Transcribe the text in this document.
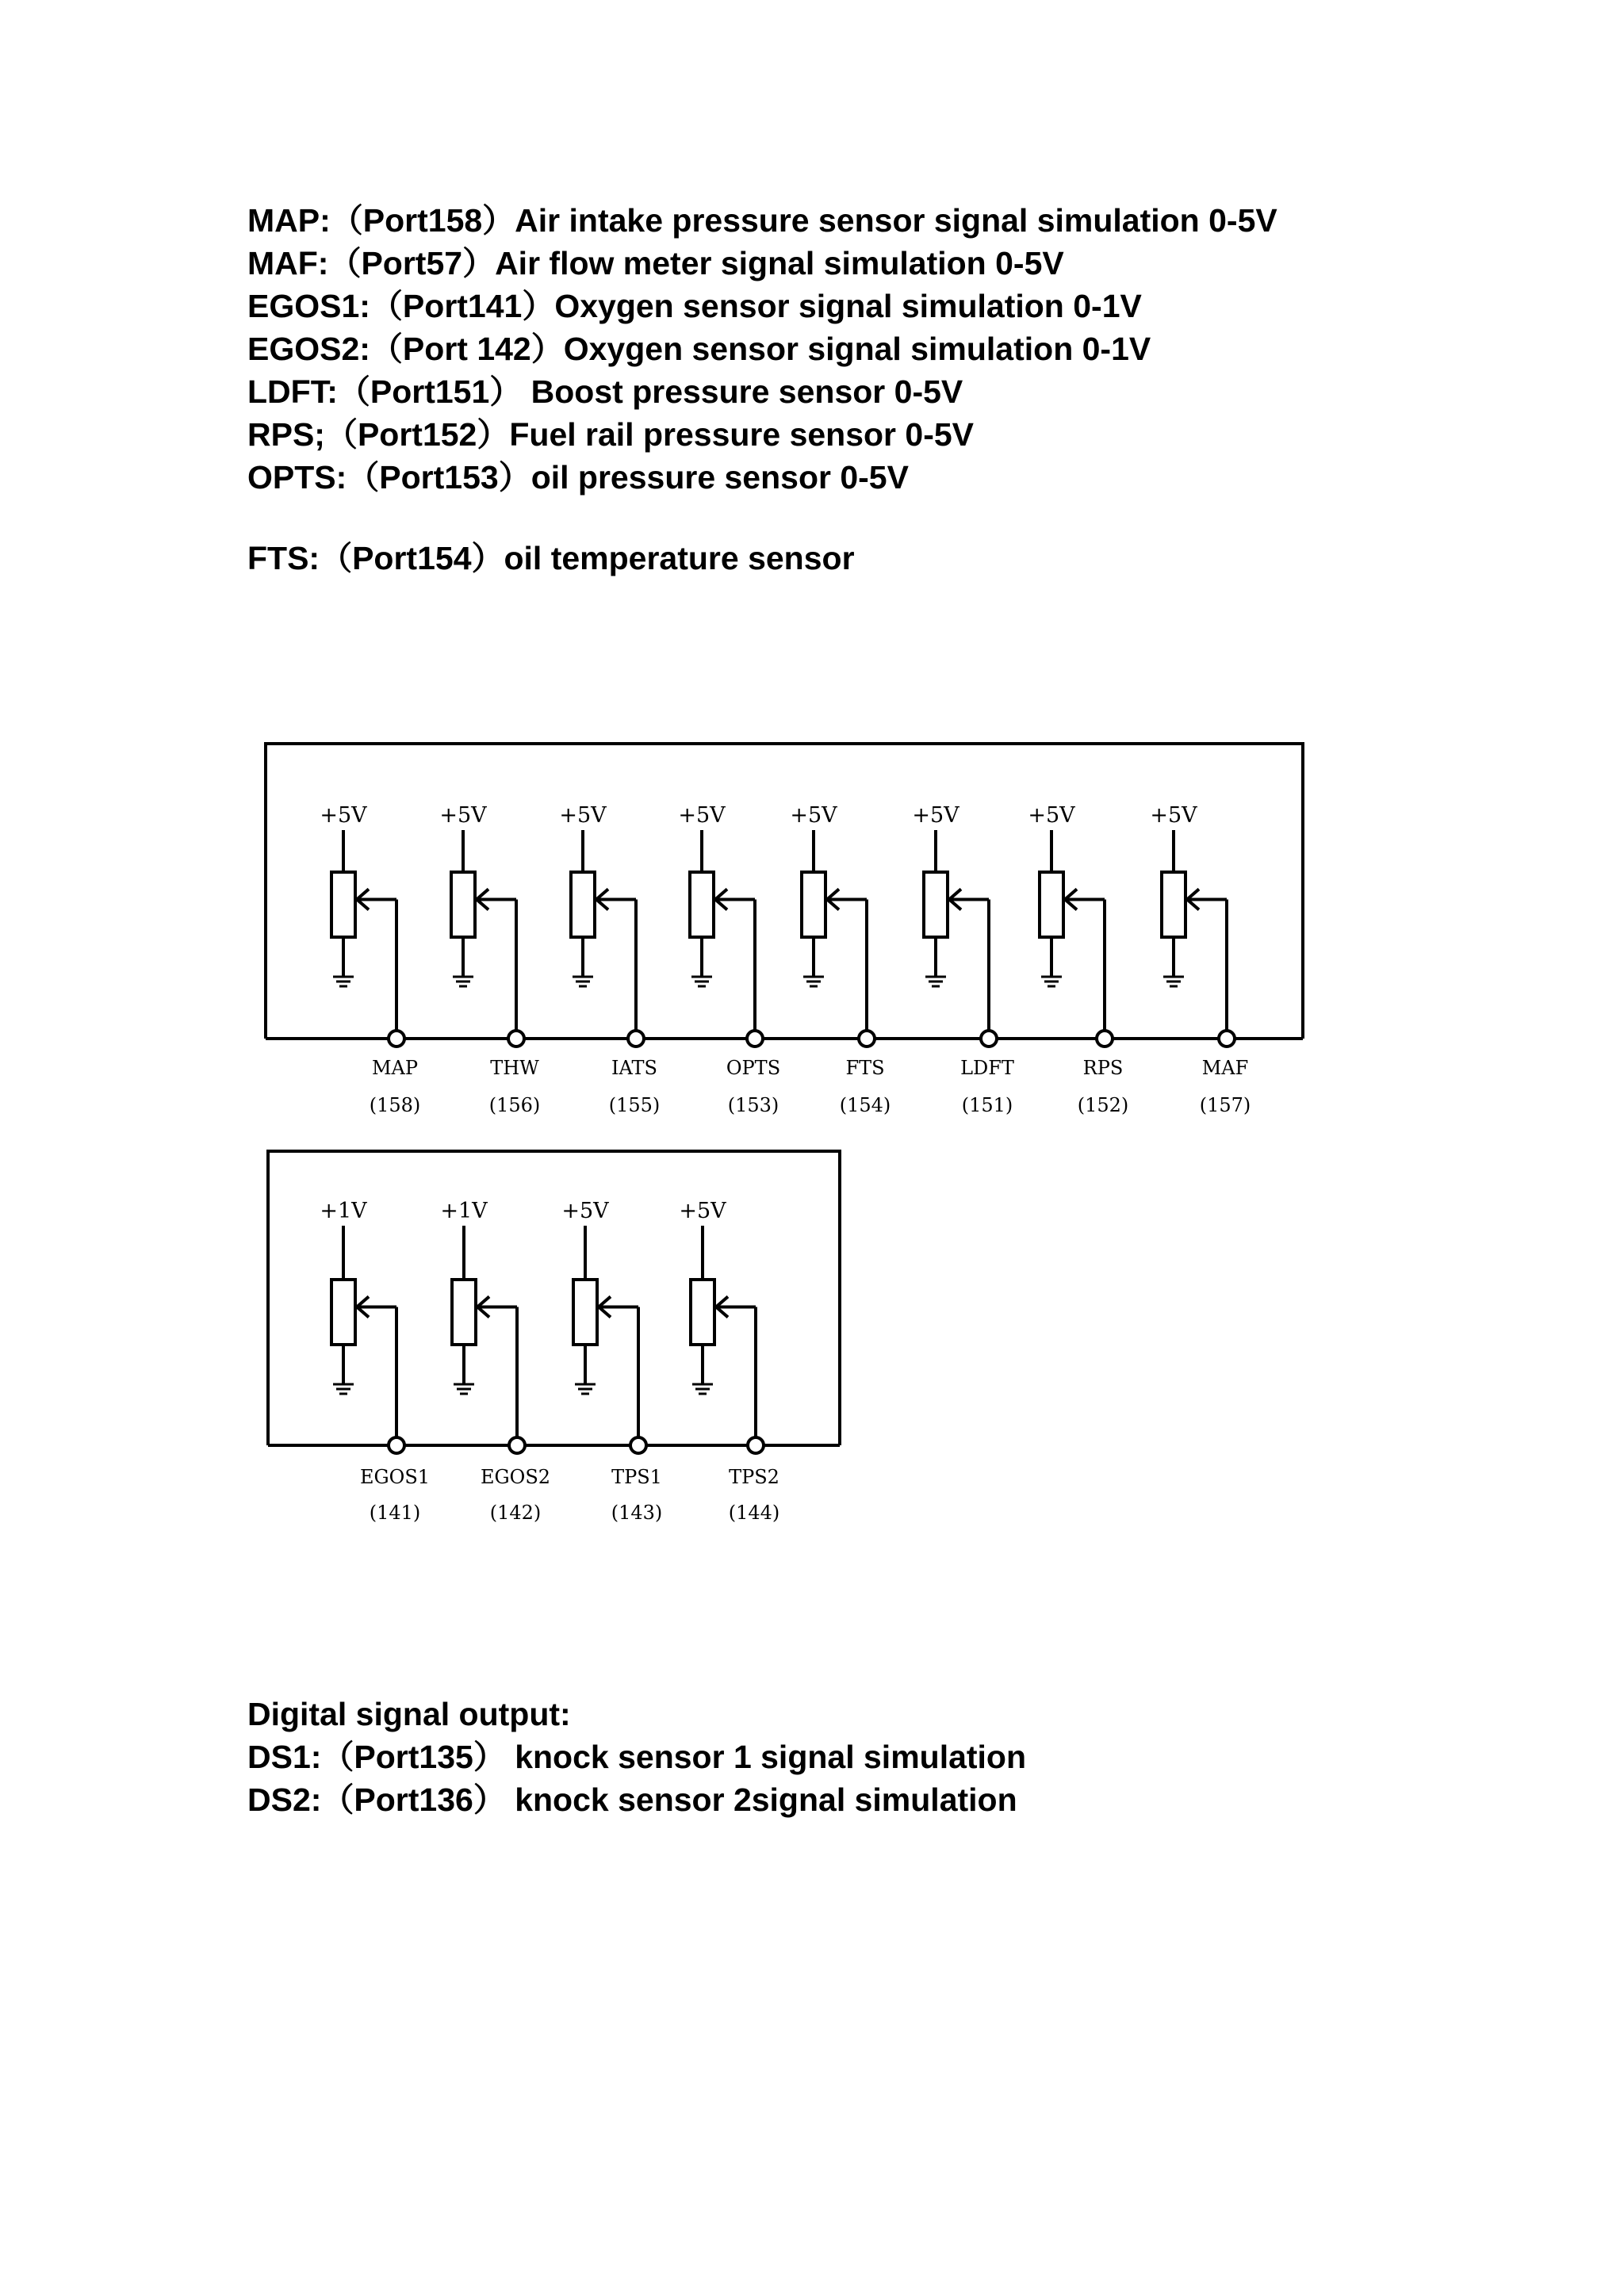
MAP:（Port158）Air intake pressure sensor signal simulation 0-5V

MAF:（Port57）Air flow meter signal simulation 0-5V

EGOS1:（Port141）Oxygen sensor signal simulation 0-1V

EGOS2:（Port 142）Oxygen sensor signal simulation 0-1V

LDFT:（Port151） Boost pressure sensor 0-5V

RPS;（Port152）Fuel rail pressure sensor 0-5V

OPTS:（Port153）oil pressure sensor 0-5V

FTS:（Port154）oil temperature sensor

+5V
MAP
(158)
+5V
THW
(156)
+5V
IATS
(155)
+5V
OPTS
(153)
+5V
FTS
(154)
+5V
LDFT
(151)
+5V
RPS
(152)
+5V
MAF
(157)
+1V
EGOS1
(141)
+1V
EGOS2
(142)
+5V
TPS1
(143)
+5V
TPS2
(144)

Digital signal output:

DS1:（Port135） knock sensor 1 signal simulation

DS2:（Port136） knock sensor 2signal simulation
